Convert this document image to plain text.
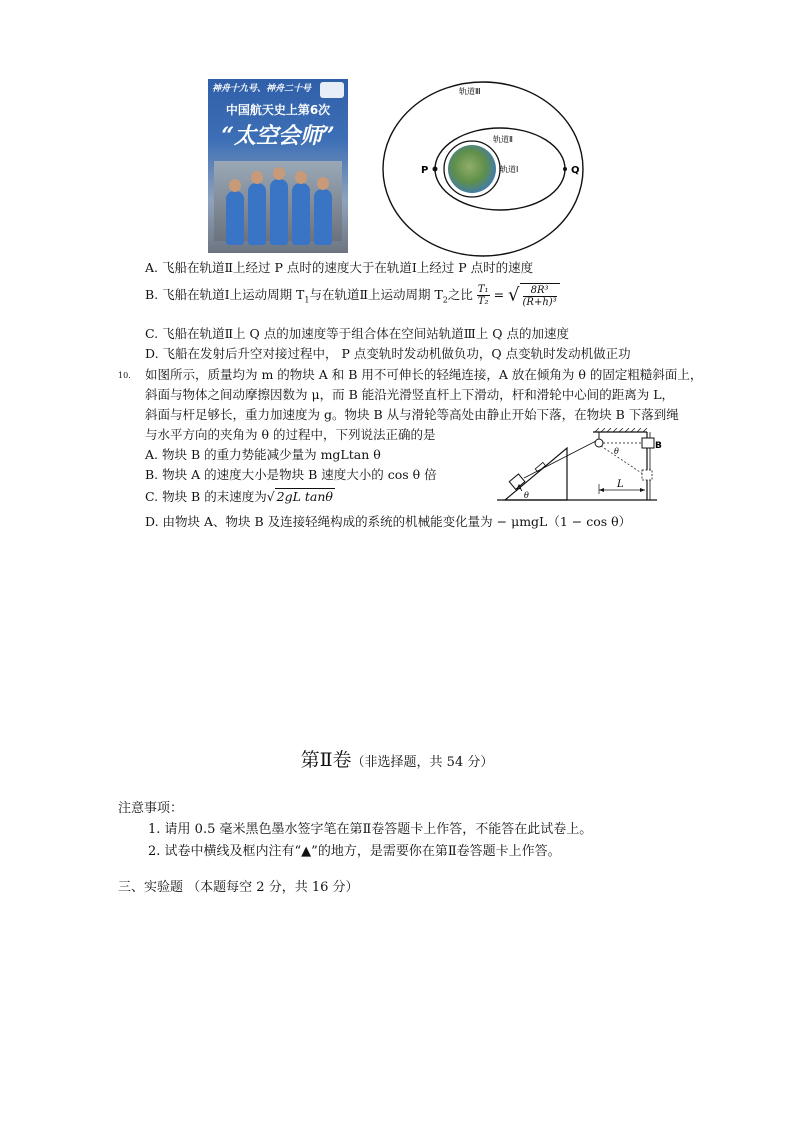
神舟十九号、神舟二十号
中国航天史上第6次
“太空会师”
轨道Ⅲ
轨道Ⅱ
轨道Ⅰ
P	Q
A. 飞船在轨道Ⅱ上经过 P 点时的速度大于在轨道Ⅰ上经过 P 点时的速度
B. 飞船在轨道Ⅰ上运动周期 $T_1$与在轨道Ⅱ上运动周期 $T_2$之比 $\frac{\text{T₁}}{\text{T₂}}$ = √ $\frac{\text{8R³}}{\text{(R+h)³}}$
C. 飞船在轨道Ⅱ上 Q 点的加速度等于组合体在空间站轨道Ⅲ上 Q 点的加速度
D. 飞船在发射后升空对接过程中， P 点变轨时发动机做负功，Q 点变轨时发动机做正功
10. 如图所示，质量均为 m 的物块 A 和 B 用不可伸长的轻绳连接，A 放在倾角为 θ 的固定粗糙斜面上，
斜面与物体之间动摩擦因数为 μ，而 B 能沿光滑竖直杆上下滑动，杆和滑轮中心间的距离为 L，
斜面与杆足够长，重力加速度为 g。物块 B 从与滑轮等高处由静止开始下落，在物块 B 下落到绳
与水平方向的夹角为 θ 的过程中，下列说法正确的是
A. 物块 B 的重力势能减少量为 mgLtan θ
B. 物块 A 的速度大小是物块 B 速度大小的 cos θ 倍
C. 物块 B 的末速度为√ 2gL tanθ
D. 由物块 A、物块 B 及连接轻绳构成的系统的机械能变化量为 − μmgL（1 − cos θ）
A
θ
B
θ
L
第Ⅱ卷（非选择题，共 54 分）
注意事项：
1. 请用 0.5 毫米黑色墨水签字笔在第Ⅱ卷答题卡上作答，不能答在此试卷上。
2. 试卷中横线及框内注有“▲”的地方，是需要你在第Ⅱ卷答题卡上作答。
三、实验题 （本题每空 2 分，共 16 分）
